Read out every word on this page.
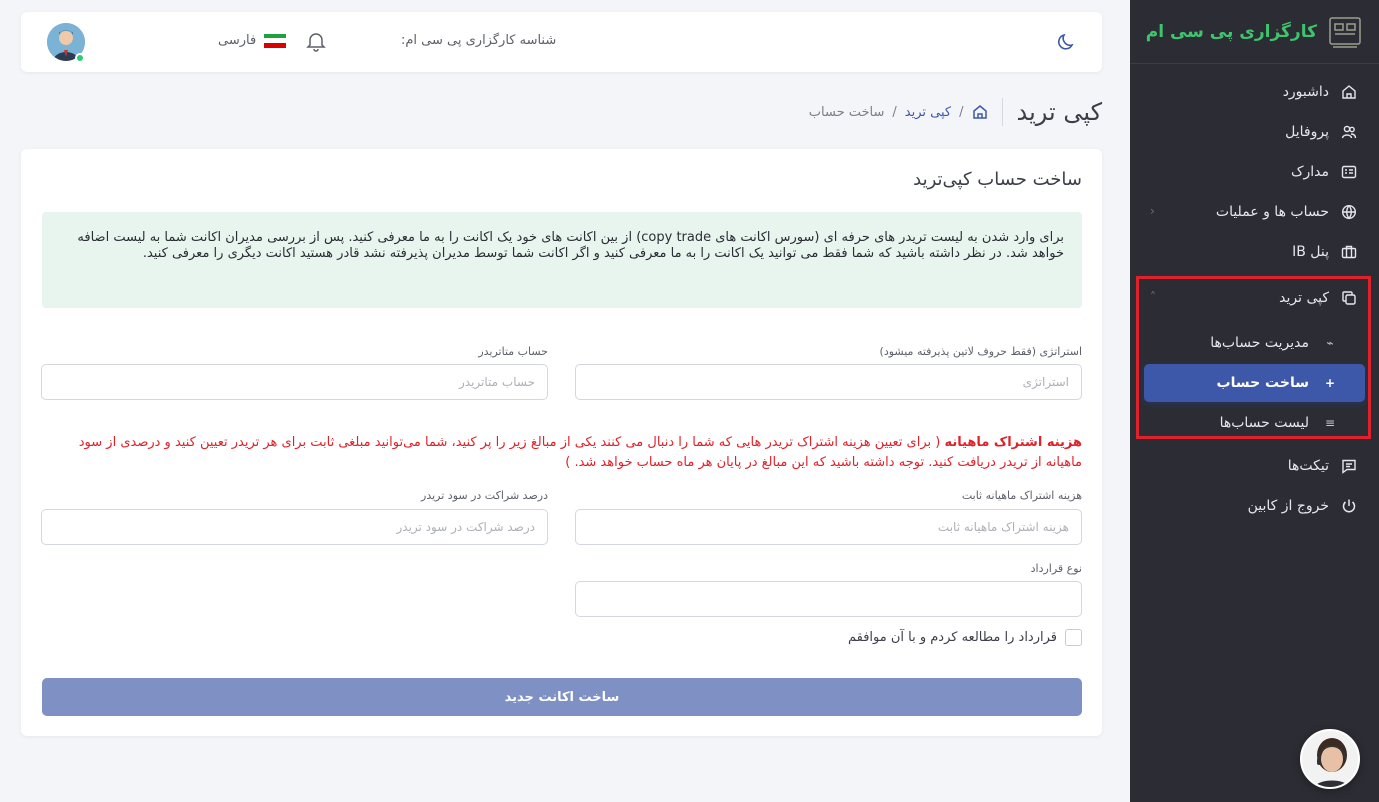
کارگزاری پی سی ام
داشبورد
پروفایل
مدارک
حساب ها و عملیات
‹
پنل IB
کپی ترید
˄
⌁
مدیریت حساب‌ها
+
ساخت حساب
≡
لیست حساب‌ها
تیکت‌ها
خروج از کابین
فارسی	شناسه کارگزاری پی سی ام:
کپی ترید
/
کپی ترید
/
ساخت حساب
ساخت حساب کپی‌ترید
برای وارد شدن به لیست تریدر های حرفه ای (سورس اکانت های copy trade) از بین اکانت های خود یک اکانت را به ما معرفی کنید. پس از بررسی مدیران اکانت شما به لیست اضافه خواهد شد. در نظر داشته باشید که شما فقط می توانید یک اکانت را به ما معرفی کنید و اگر اکانت شما توسط مدیران پذیرفته نشد قادر هستید اکانت دیگری را معرفی کنید.
استراتژی (فقط حروف لاتین پذیرفته میشود)
استراتژی
حساب متاتریدر
حساب متاتریدر
هزینه اشتراک ماهیانه ( برای تعیین هزینه اشتراک تریدر هایی که شما را دنبال می کنند یکی از مبالغ زیر را پر کنید، شما می‌توانید مبلغی ثابت برای هر تریدر تعیین کنید و درصدی از سود ماهیانه از تریدر دریافت کنید. توجه داشته باشید که این مبالغ در پایان هر ماه حساب خواهد شد. )
هزینه اشتراک ماهیانه ثابت
هزینه اشتراک ماهیانه ثابت
درصد شراکت در سود تریدر
درصد شراکت در سود تریدر
نوع قرارداد
قرارداد را مطالعه کردم و با آن موافقم
ساخت اکانت جدید
